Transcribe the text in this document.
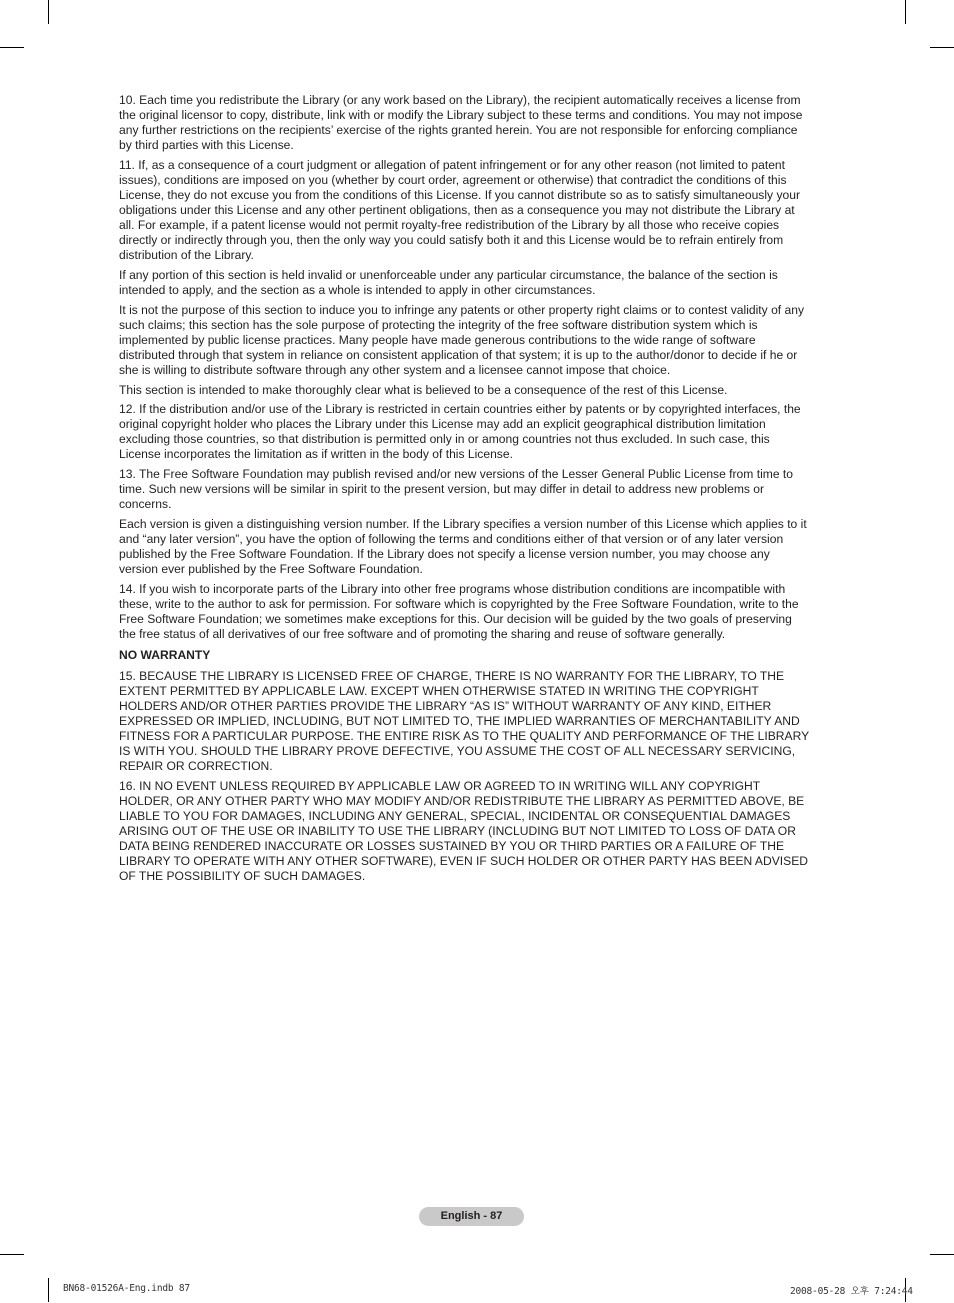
10. Each time you redistribute the Library (or any work based on the Library), the recipient automatically receives a license from the original licensor to copy, distribute, link with or modify the Library subject to these terms and conditions. You may not impose any further restrictions on the recipients’ exercise of the rights granted herein. You are not responsible for enforcing compliance by third parties with this License.

11. If, as a consequence of a court judgment or allegation of patent infringement or for any other reason (not limited to patent issues), conditions are imposed on you (whether by court order, agreement or otherwise) that contradict the conditions of this License, they do not excuse you from the conditions of this License. If you cannot distribute so as to satisfy simultaneously your obligations under this License and any other pertinent obligations, then as a consequence you may not distribute the Library at all. For example, if a patent license would not permit royalty-free redistribution of the Library by all those who receive copies directly or indirectly through you, then the only way you could satisfy both it and this License would be to refrain entirely from distribution of the Library.

If any portion of this section is held invalid or unenforceable under any particular circumstance, the balance of the section is intended to apply, and the section as a whole is intended to apply in other circumstances.

It is not the purpose of this section to induce you to infringe any patents or other property right claims or to contest validity of any such claims; this section has the sole purpose of protecting the integrity of the free software distribution system which is implemented by public license practices. Many people have made generous contributions to the wide range of software distributed through that system in reliance on consistent application of that system; it is up to the author/donor to decide if he or she is willing to distribute software through any other system and a licensee cannot impose that choice.

This section is intended to make thoroughly clear what is believed to be a consequence of the rest of this License.

12. If the distribution and/or use of the Library is restricted in certain countries either by patents or by copyrighted interfaces, the original copyright holder who places the Library under this License may add an explicit geographical distribution limitation excluding those countries, so that distribution is permitted only in or among countries not thus excluded. In such case, this License incorporates the limitation as if written in the body of this License.

13. The Free Software Foundation may publish revised and/or new versions of the Lesser General Public License from time to time. Such new versions will be similar in spirit to the present version, but may differ in detail to address new problems or concerns.

Each version is given a distinguishing version number. If the Library specifies a version number of this License which applies to it and “any later version”, you have the option of following the terms and conditions either of that version or of any later version published by the Free Software Foundation. If the Library does not specify a license version number, you may choose any version ever published by the Free Software Foundation.

14. If you wish to incorporate parts of the Library into other free programs whose distribution conditions are incompatible with these, write to the author to ask for permission. For software which is copyrighted by the Free Software Foundation, write to the Free Software Foundation; we sometimes make exceptions for this. Our decision will be guided by the two goals of preserving the free status of all derivatives of our free software and of promoting the sharing and reuse of software generally.

NO WARRANTY

15. BECAUSE THE LIBRARY IS LICENSED FREE OF CHARGE, THERE IS NO WARRANTY FOR THE LIBRARY, TO THE EXTENT PERMITTED BY APPLICABLE LAW. EXCEPT WHEN OTHERWISE STATED IN WRITING THE COPYRIGHT HOLDERS AND/OR OTHER PARTIES PROVIDE THE LIBRARY “AS IS” WITHOUT WARRANTY OF ANY KIND, EITHER EXPRESSED OR IMPLIED, INCLUDING, BUT NOT LIMITED TO, THE IMPLIED WARRANTIES OF MERCHANTABILITY AND FITNESS FOR A PARTICULAR PURPOSE. THE ENTIRE RISK AS TO THE QUALITY AND PERFORMANCE OF THE LIBRARY IS WITH YOU. SHOULD THE LIBRARY PROVE DEFECTIVE, YOU ASSUME THE COST OF ALL NECESSARY SERVICING, REPAIR OR CORRECTION.

16. IN NO EVENT UNLESS REQUIRED BY APPLICABLE LAW OR AGREED TO IN WRITING WILL ANY COPYRIGHT HOLDER, OR ANY OTHER PARTY WHO MAY MODIFY AND/OR REDISTRIBUTE THE LIBRARY AS PERMITTED ABOVE, BE LIABLE TO YOU FOR DAMAGES, INCLUDING ANY GENERAL, SPECIAL, INCIDENTAL OR CONSEQUENTIAL DAMAGES ARISING OUT OF THE USE OR INABILITY TO USE THE LIBRARY (INCLUDING BUT NOT LIMITED TO LOSS OF DATA OR DATA BEING RENDERED INACCURATE OR LOSSES SUSTAINED BY YOU OR THIRD PARTIES OR A FAILURE OF THE LIBRARY TO OPERATE WITH ANY OTHER SOFTWARE), EVEN IF SUCH HOLDER OR OTHER PARTY HAS BEEN ADVISED OF THE POSSIBILITY OF SUCH DAMAGES.

English - 87
BN68-01526A-Eng.indb 87	2008-05-28 오후 7:24:44
